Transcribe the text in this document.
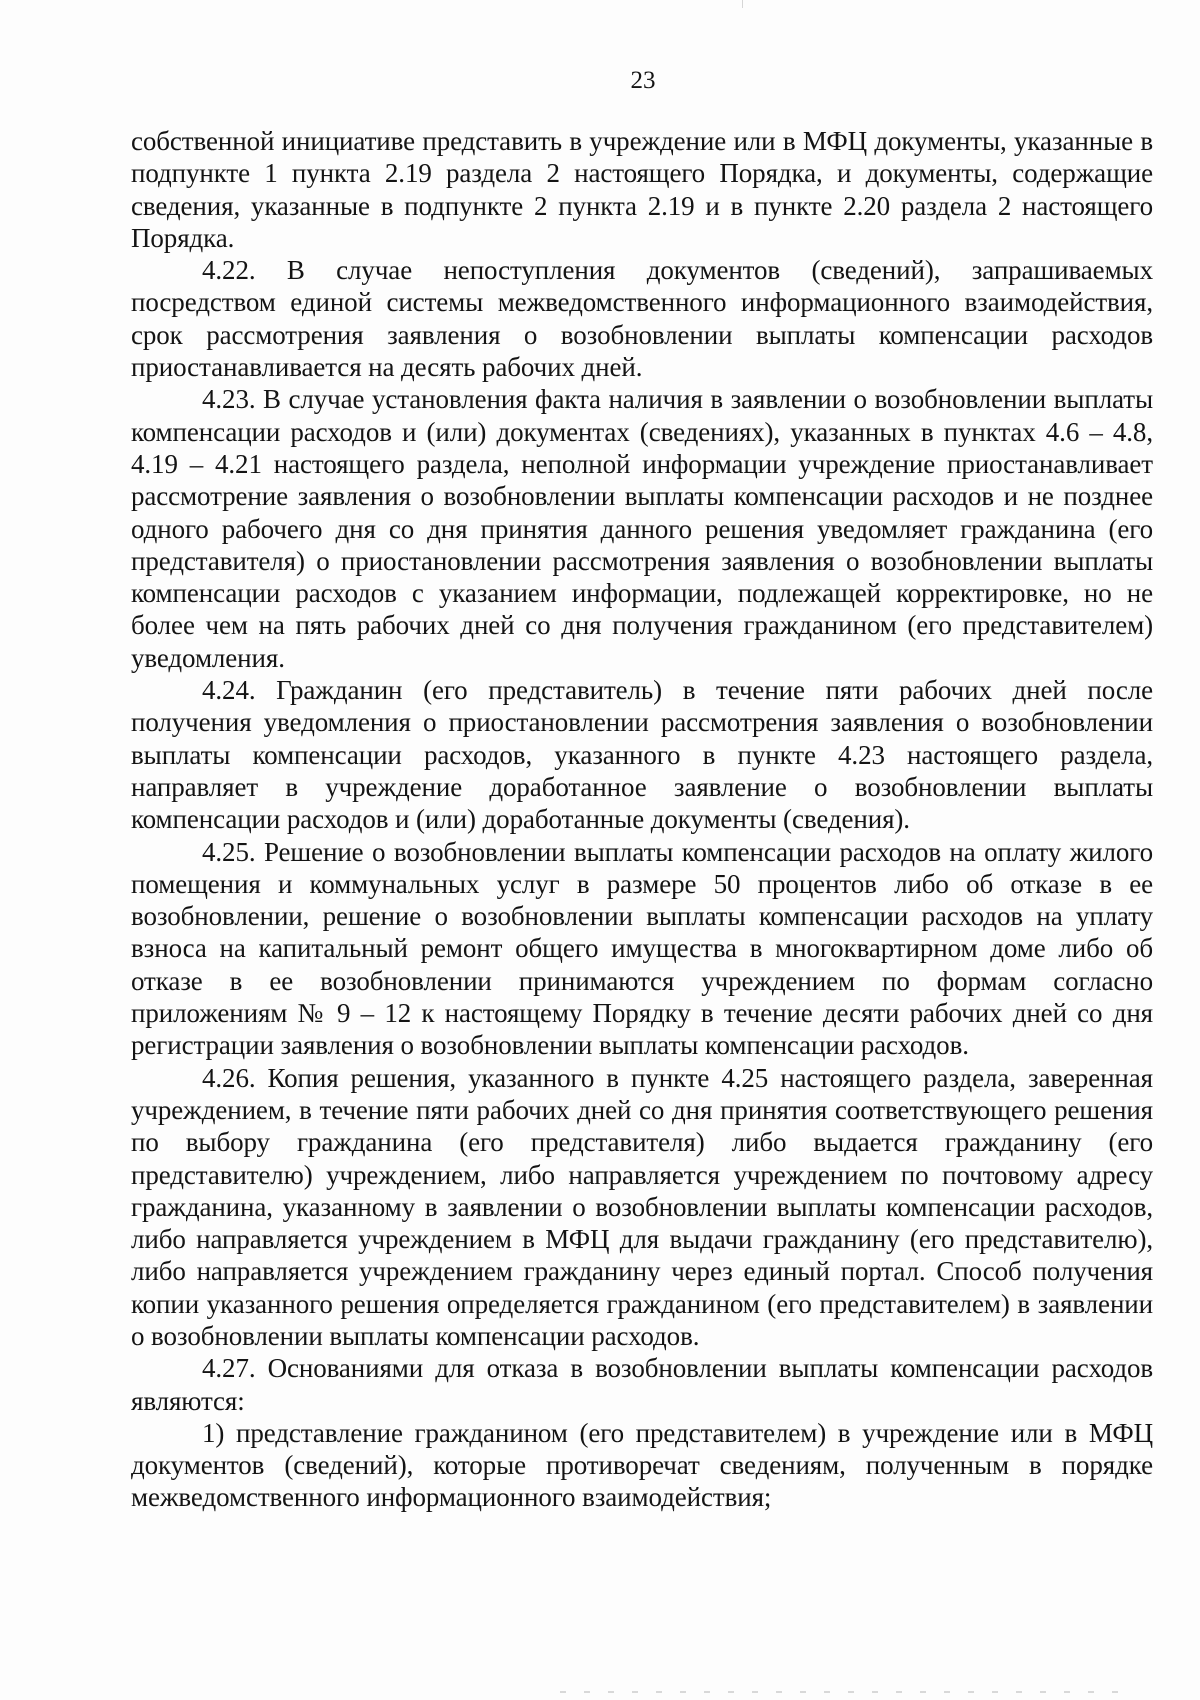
23

собственной инициативе представить в учреждение или в МФЦ документы, указанные в подпункте 1 пункта 2.19 раздела 2 настоящего Порядка, и документы, содержащие сведения, указанные в подпункте 2 пункта 2.19 и в пункте 2.20 раздела 2 настоящего Порядка.

4.22. В случае непоступления документов (сведений), запрашиваемых посредством единой системы межведомственного информационного взаимодействия, срок рассмотрения заявления о возобновлении выплаты компенсации расходов приостанавливается на десять рабочих дней.

4.23. В случае установления факта наличия в заявлении о возобновлении выплаты компенсации расходов и (или) документах (сведениях), указанных в пунктах 4.6 – 4.8, 4.19 – 4.21 настоящего раздела, неполной информации учреждение приостанавливает рассмотрение заявления о возобновлении выплаты компенсации расходов и не позднее одного рабочего дня со дня принятия данного решения уведомляет гражданина (его представителя) о приостановлении рассмотрения заявления о возобновлении выплаты компенсации расходов с указанием информации, подлежащей корректировке, но не более чем на пять рабочих дней со дня получения гражданином (его представителем) уведомления.

4.24. Гражданин (его представитель) в течение пяти рабочих дней после получения уведомления о приостановлении рассмотрения заявления о возобновлении выплаты компенсации расходов, указанного в пункте 4.23 настоящего раздела, направляет в учреждение доработанное заявление о возобновлении выплаты компенсации расходов и (или) доработанные документы (сведения).

4.25. Решение о возобновлении выплаты компенсации расходов на оплату жилого помещения и коммунальных услуг в размере 50 процентов либо об отказе в ее возобновлении, решение о возобновлении выплаты компенсации расходов на уплату взноса на капитальный ремонт общего имущества в многоквартирном доме либо об отказе в ее возобновлении принимаются учреждением по формам согласно приложениям № 9 – 12 к настоящему Порядку в течение десяти рабочих дней со дня регистрации заявления о возобновлении выплаты компенсации расходов.

4.26. Копия решения, указанного в пункте 4.25 настоящего раздела, заверенная учреждением, в течение пяти рабочих дней со дня принятия соответствующего решения по выбору гражданина (его представителя) либо выдается гражданину (его представителю) учреждением, либо направляется учреждением по почтовому адресу гражданина, указанному в заявлении о возобновлении выплаты компенсации расходов, либо направляется учреждением в МФЦ для выдачи гражданину (его представителю), либо направляется учреждением гражданину через единый портал. Способ получения копии указанного решения определяется гражданином (его представителем) в заявлении о возобновлении выплаты компенсации расходов.

4.27. Основаниями для отказа в возобновлении выплаты компенсации расходов являются:

1) представление гражданином (его представителем) в учреждение или в МФЦ документов (сведений), которые противоречат сведениям, полученным в порядке межведомственного информационного взаимодействия;
